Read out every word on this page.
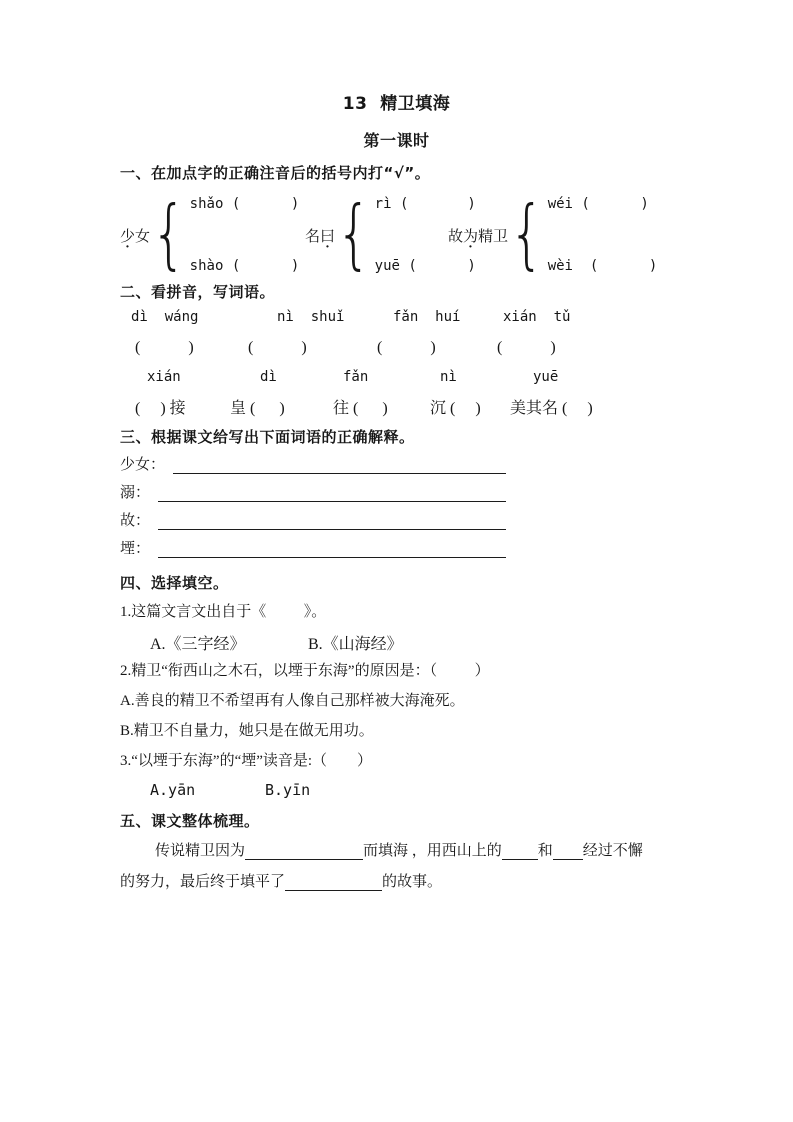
13  精卫填海
第一课时
一、在加点字的正确注音后的括号内打“√”。
少女 { shǎo (      )
shào (      )
名曰 { rì (       )
yuē (      )
故为精卫 { wéi (      )
wèi  (      )
二、看拼音，写词语。
dì  wáng	nì  shuǐ	fǎn  huí	xián  tǔ
(            )	(            )	(            )	(            )
xián	dì	fǎn	nì	yuē
(     ) 接	皇 (      )	往 (      )	沉 (     ) 美其名 (     )
三、根据课文给写出下面词语的正确解释。
少女：
溺：
故：
堙：
四、选择填空。
1.这篇文言文出自于《          》。
A.《三字经》	B.《山海经》
2.精卫“衔西山之木石，以堙于东海”的原因是：（          ）
A.善良的精卫不希望再有人像自己那样被大海淹死。
B.精卫不自量力，她只是在做无用功。
3.“以堙于东海”的“堙”读音是:（        ）
A.yān	B.yīn
五、课文整体梳理。
传说精卫因为	而填海 ，用西山上的 和 经过不懈
的努力，最后终于填平了	的故事。
